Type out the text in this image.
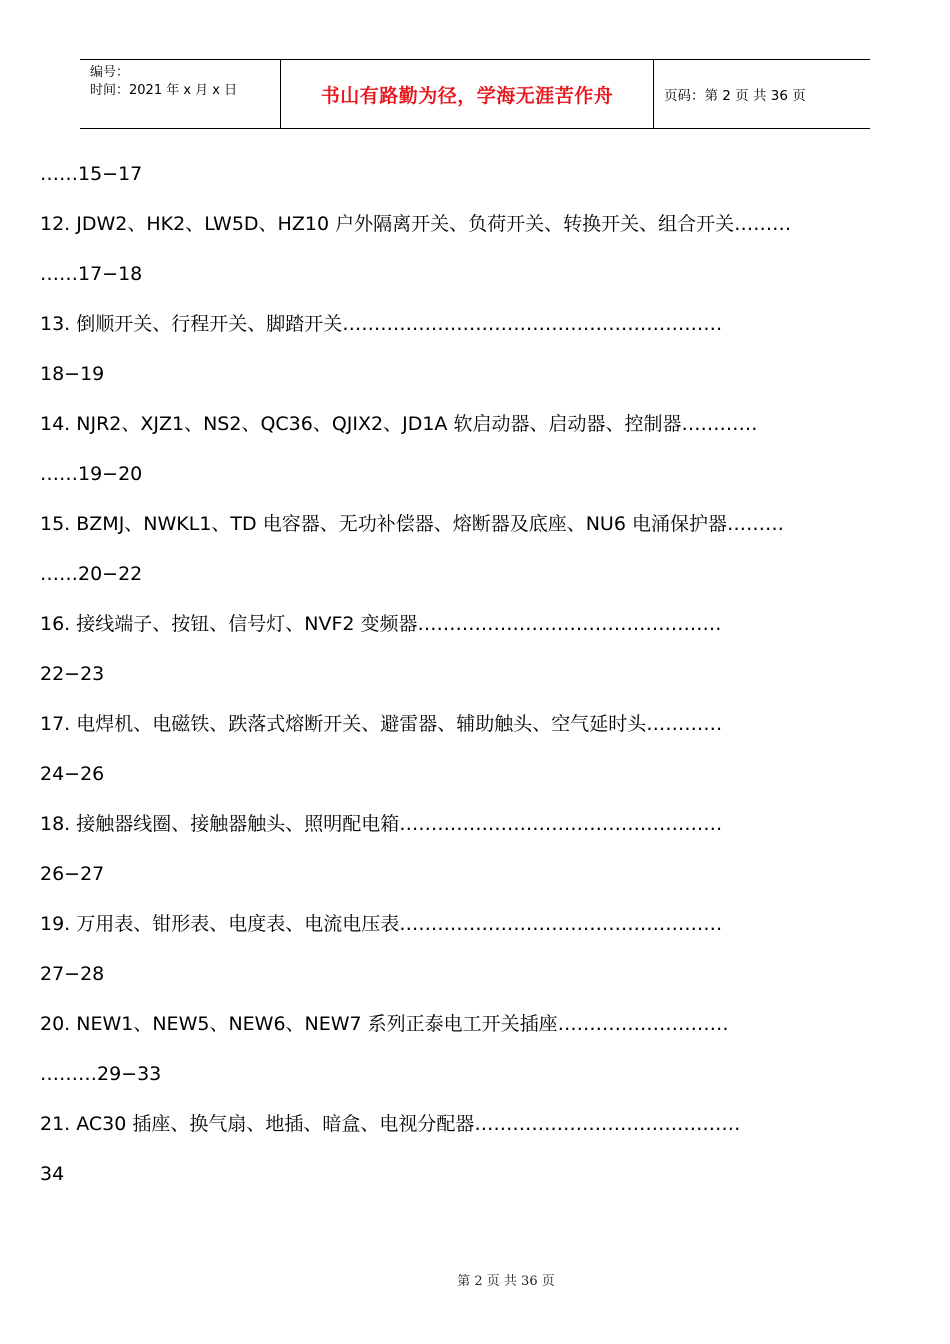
编号：
时间：2021 年 x 月 x 日	书山有路勤为径，学海无涯苦作舟	页码：第 2 页 共 36 页
……15−17
12. JDW2、HK2、LW5D、HZ10 户外隔离开关、负荷开关、转换开关、组合开关………
……17−18
13. 倒顺开关、行程开关、脚踏开关……………………………………………………
18−19
14. NJR2、XJZ1、NS2、QC36、QJIX2、JD1A 软启动器、启动器、控制器…………
……19−20
15. BZMJ、NWKL1、TD 电容器、无功补偿器、熔断器及底座、NU6 电涌保护器………
……20−22
16. 接线端子、按钮、信号灯、NVF2 变频器…………………………………………
22−23
17. 电焊机、电磁铁、跌落式熔断开关、避雷器、辅助触头、空气延时头…………
24−26
18. 接触器线圈、接触器触头、照明配电箱……………………………………………
26−27
19. 万用表、钳形表、电度表、电流电压表……………………………………………
27−28
20. NEW1、NEW5、NEW6、NEW7 系列正泰电工开关插座………………………
………29−33
21. AC30 插座、换气扇、地插、暗盒、电视分配器……………………………………
34
第 2 页 共 36 页
